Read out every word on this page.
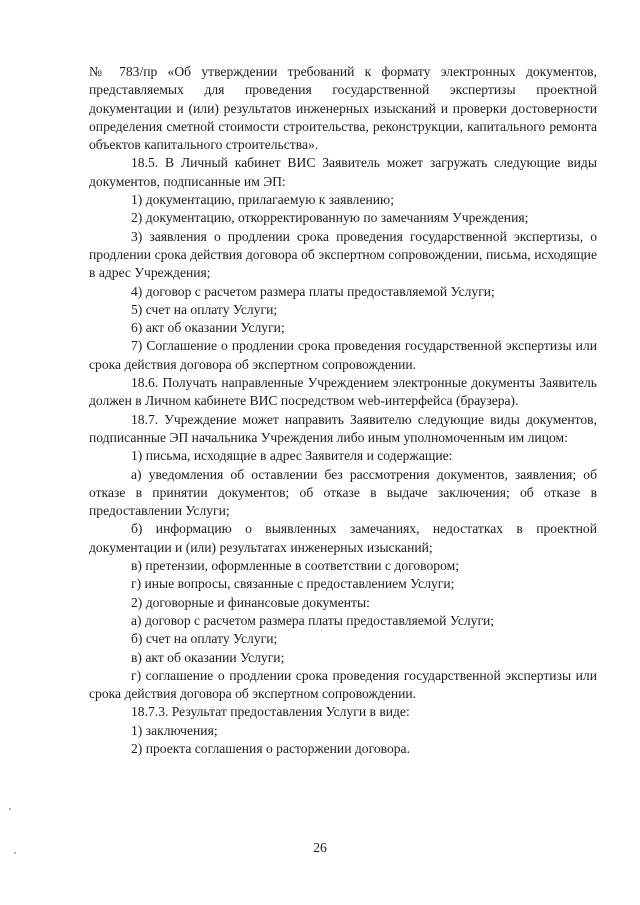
№ 783/пр «Об утверждении требований к формату электронных документов, представляемых для проведения государственной экспертизы проектной документации и (или) результатов инженерных изысканий и проверки достоверности определения сметной стоимости строительства, реконструкции, капитального ремонта объектов капитального строительства».

18.5. В Личный кабинет ВИС Заявитель может загружать следующие виды документов, подписанные им ЭП:

1) документацию, прилагаемую к заявлению;

2) документацию, откорректированную по замечаниям Учреждения;

3) заявления о продлении срока проведения государственной экспертизы, о продлении срока действия договора об экспертном сопровождении, письма, исходящие в адрес Учреждения;

4) договор с расчетом размера платы предоставляемой Услуги;

5) счет на оплату Услуги;

6) акт об оказании Услуги;

7) Соглашение о продлении срока проведения государственной экспертизы или срока действия договора об экспертном сопровождении.

18.6. Получать направленные Учреждением электронные документы Заявитель должен в Личном кабинете ВИС посредством web-интерфейса (браузера).

18.7. Учреждение может направить Заявителю следующие виды документов, подписанные ЭП начальника Учреждения либо иным уполномоченным им лицом:

1) письма, исходящие в адрес Заявителя и содержащие:

а) уведомления об оставлении без рассмотрения документов, заявления; об отказе в принятии документов; об отказе в выдаче заключения; об отказе в предоставлении Услуги;

б) информацию о выявленных замечаниях, недостатках в проектной документации и (или) результатах инженерных изысканий;

в) претензии, оформленные в соответствии с договором;

г) иные вопросы, связанные с предоставлением Услуги;

2) договорные и финансовые документы:

а) договор с расчетом размера платы предоставляемой Услуги;

б) счет на оплату Услуги;

в) акт об оказании Услуги;

г) соглашение о продлении срока проведения государственной экспертизы или срока действия договора об экспертном сопровождении.

18.7.3. Результат предоставления Услуги в виде:

1) заключения;

2) проекта соглашения о расторжении договора.

26
